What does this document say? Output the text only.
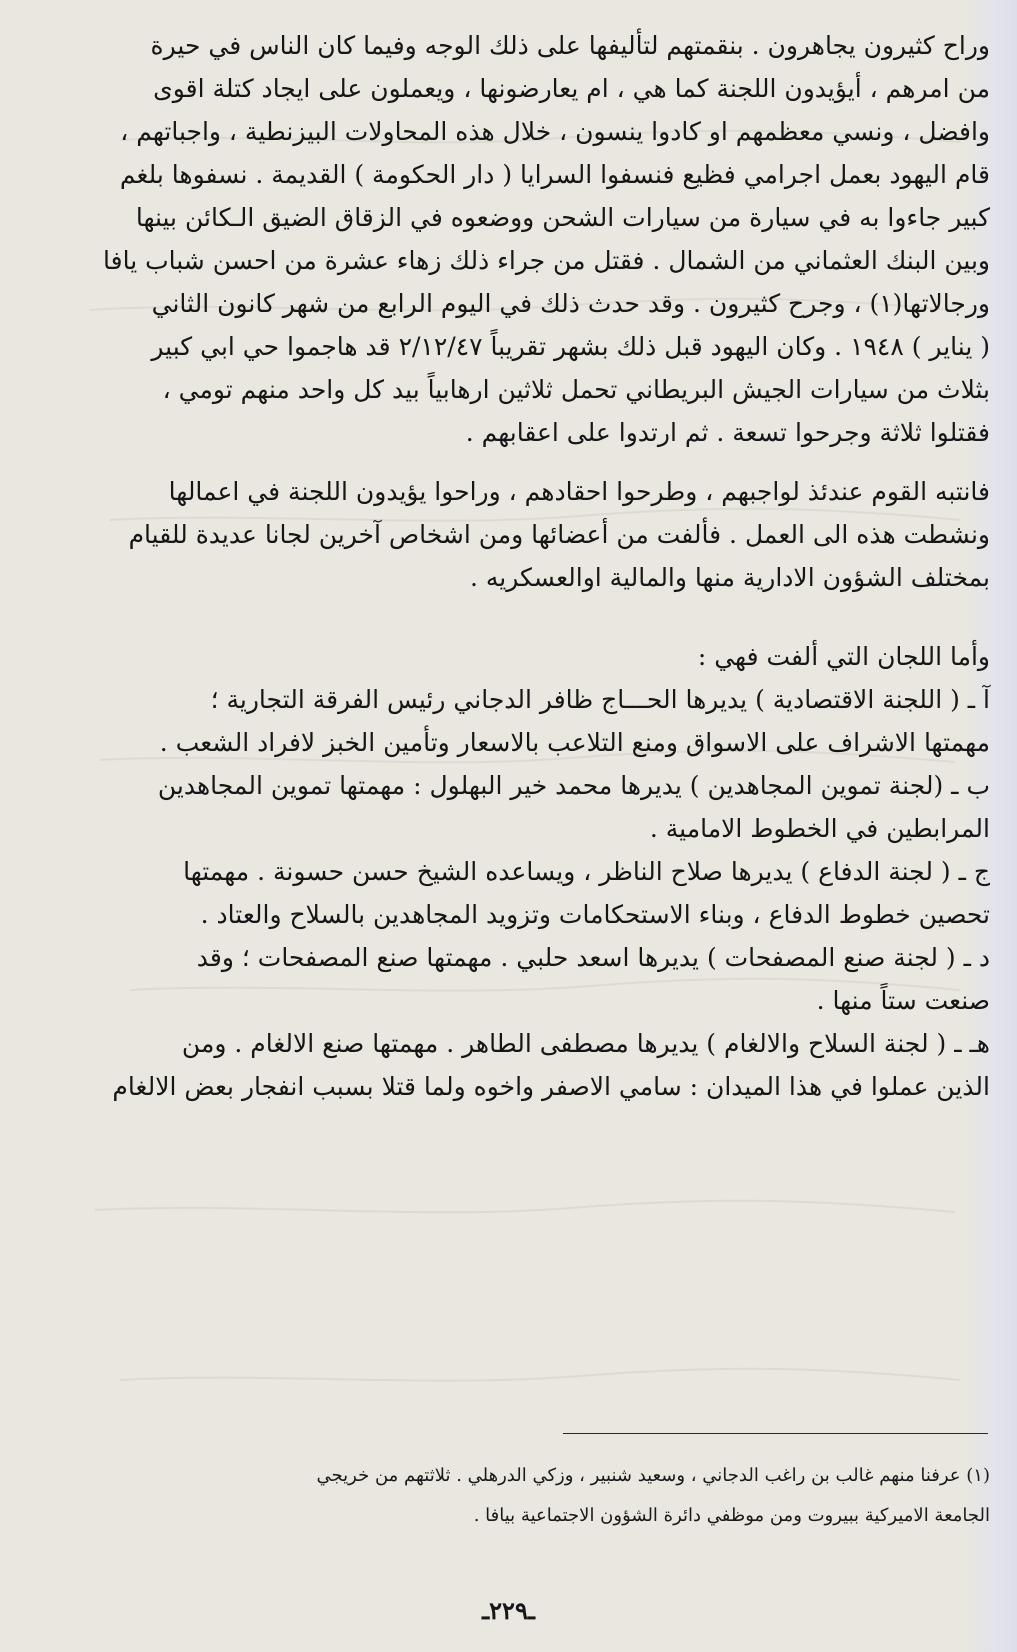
وراح كثيرون يجاهرون . بنقمتهم لتأليفها على ذلك الوجه وفيما كان الناس في حيرة
من امرهم ، أيؤيدون اللجنة كما هي ، ام يعارضونها ، ويعملون على ايجاد كتلة اقوى
وافضل ، ونسي معظمهم او كادوا ينسون ، خلال هذه المحاولات البيزنطية ، واجباتهم ،
قام اليهود بعمل اجرامي فظيع فنسفوا السرايا ( دار الحكومة ) القديمة . نسفوها بلغم
كبير جاءوا به في سيارة من سيارات الشحن ووضعوه في الزقاق الضيق الـكائن بينها
وبين البنك العثماني من الشمال . فقتل من جراء ذلك زهاء عشرة من احسن شباب يافا
ورجالاتها(١) ، وجرح كثيرون . وقد حدث ذلك في اليوم الرابع من شهر كانون الثاني
( يناير ) ١٩٤٨ . وكان اليهود قبل ذلك بشهر تقريباً ٢/١٢/٤٧ قد هاجموا حي ابي كبير
بثلاث من سيارات الجيش البريطاني تحمل ثلاثين ارهابياً بيد كل واحد منهم تومي ،
فقتلوا ثلاثة وجرحوا تسعة . ثم ارتدوا على اعقابهم .

فانتبه القوم عندئذ لواجبهم ، وطرحوا احقادهم ، وراحوا يؤيدون اللجنة في اعمالها
ونشطت هذه الى العمل . فألفت من أعضائها ومن اشخاص آخرين لجانا عديدة للقيام
بمختلف الشؤون الادارية منها والمالية اوالعسكريه .

وأما اللجان التي ألفت فهي :

آ ـ ( اللجنة الاقتصادية ) يديرها الحـــاج ظافر الدجاني رئيس الفرقة التجارية ؛
مهمتها الاشراف على الاسواق ومنع التلاعب بالاسعار وتأمين الخبز لافراد الشعب .

ب ـ (لجنة تموين المجاهدين ) يديرها محمد خير البهلول : مهمتها تموين المجاهدين
المرابطين في الخطوط الامامية .

ج ـ ( لجنة الدفاع ) يديرها صلاح الناظر ، ويساعده الشيخ حسن حسونة . مهمتها
تحصين خطوط الدفاع ، وبناء الاستحكامات وتزويد المجاهدين بالسلاح والعتاد .

د ـ ( لجنة صنع المصفحات ) يديرها اسعد حلبي . مهمتها صنع المصفحات ؛ وقد
صنعت ستاً منها .

هـ ـ ( لجنة السلاح والالغام ) يديرها مصطفى الطاهر . مهمتها صنع الالغام . ومن
الذين عملوا في هذا الميدان : سامي الاصفر واخوه ولما قتلا بسبب انفجار بعض الالغام

(١) عرفنا منهم غالب بن راغب الدجاني ، وسعيد شنبير ، وزكي الدرهلي . ثلاثتهم من خريجي
الجامعة الاميركية ببيروت ومن موظفي دائرة الشؤون الاجتماعية بيافا .

ـ٢٢٩ـ
